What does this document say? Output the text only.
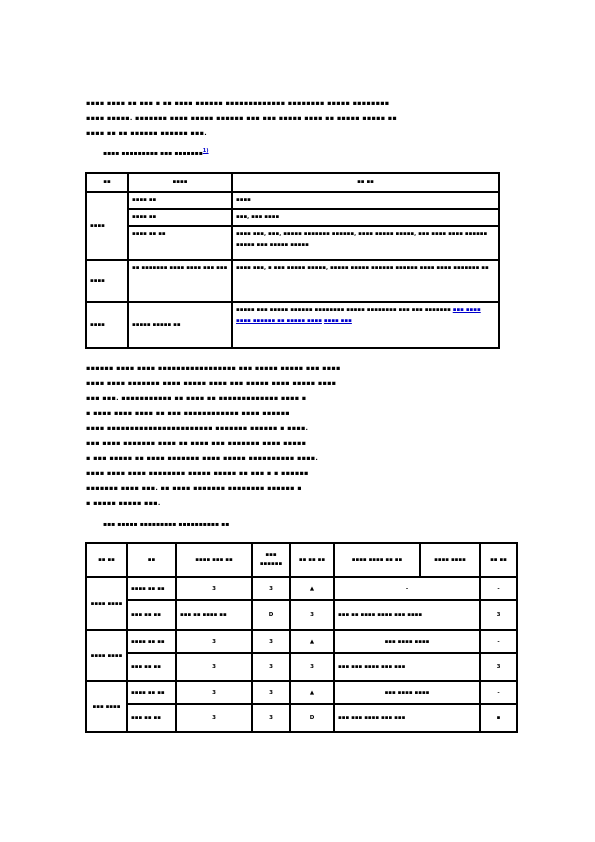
▪▪▪▪ ▪▪▪▪ ▪▪ ▪▪▪ ▪ ▪▪ ▪▪▪▪ ▪▪▪▪▪▪ ▪▪▪▪▪▪▪▪▪▪▪▪▪ ▪▪▪▪▪▪▪▪ ▪▪▪▪▪ ▪▪▪▪▪▪▪▪
▪▪▪▪ ▪▪▪▪▪. ▪▪▪▪▪▪▪ ▪▪▪▪ ▪▪▪▪▪ ▪▪▪▪▪▪ ▪▪▪ ▪▪▪ ▪▪▪▪▪ ▪▪▪▪ ▪▪ ▪▪▪▪▪ ▪▪▪▪▪ ▪▪
▪▪▪▪ ▪▪ ▪▪ ▪▪▪▪▪▪ ▪▪▪▪▪▪ ▪▪▪.
▪▪▪▪ ▪▪▪▪▪▪▪▪▪ ▪▪▪ ▪▪▪▪▪▪▪$^{1)}$
▪▪	▪▪▪▪	▪▪ ▪▪
▪▪▪▪	▪▪▪▪ ▪▪	▪▪▪▪
	▪▪▪▪ ▪▪	▪▪▪, ▪▪▪ ▪▪▪▪
	▪▪▪▪ ▪▪ ▪▪	▪▪▪▪ ▪▪▪, ▪▪▪, ▪▪▪▪▪ ▪▪▪▪▪▪▪ ▪▪▪▪▪▪, ▪▪▪▪ ▪▪▪▪▪ ▪▪▪▪▪, ▪▪▪ ▪▪▪▪ ▪▪▪▪ ▪▪▪▪▪▪ ▪▪▪▪▪ ▪▪▪ ▪▪▪▪▪ ▪▪▪▪▪
▪▪▪▪	▪▪ ▪▪▪▪▪▪▪ ▪▪▪▪ ▪▪▪▪ ▪▪▪ ▪▪▪	▪▪▪▪ ▪▪▪, ▪ ▪▪▪ ▪▪▪▪▪ ▪▪▪▪▪, ▪▪▪▪▪ ▪▪▪▪▪ ▪▪▪▪▪▪ ▪▪▪▪▪▪ ▪▪▪▪ ▪▪▪▪ ▪▪▪▪▪▪▪ ▪▪
▪▪▪▪	▪▪▪▪▪ ▪▪▪▪▪ ▪▪	▪▪▪▪▪ ▪▪▪ ▪▪▪▪▪ ▪▪▪▪▪▪ ▪▪▪▪▪▪▪▪ ▪▪▪▪▪ ▪▪▪▪▪▪▪▪ ▪▪▪ ▪▪▪ ▪▪▪▪▪▪▪ ▪▪▪ ▪▪▪▪ ▪▪▪▪ ▪▪▪▪▪▪ ▪▪ ▪▪▪▪▪ ▪▪▪▪ ▪▪▪▪ ▪▪▪
▪▪▪▪▪▪ ▪▪▪▪ ▪▪▪▪ ▪▪▪▪▪▪▪▪▪▪▪▪▪▪▪▪▪ ▪▪▪ ▪▪▪▪▪ ▪▪▪▪▪ ▪▪▪ ▪▪▪▪
▪▪▪▪ ▪▪▪▪ ▪▪▪▪▪▪▪ ▪▪▪▪ ▪▪▪▪▪ ▪▪▪▪ ▪▪▪ ▪▪▪▪▪ ▪▪▪▪ ▪▪▪▪▪ ▪▪▪▪
▪▪▪ ▪▪▪. ▪▪▪▪▪▪▪▪▪▪▪ ▪▪ ▪▪▪▪ ▪▪ ▪▪▪▪▪▪▪▪▪▪▪▪▪ ▪▪▪▪ ▪
▪ ▪▪▪▪ ▪▪▪▪ ▪▪▪▪ ▪▪ ▪▪▪ ▪▪▪▪▪▪▪▪▪▪▪▪ ▪▪▪▪ ▪▪▪▪▪▪
▪▪▪▪ ▪▪▪▪▪▪▪▪▪▪▪▪▪▪▪▪▪▪▪▪▪▪▪ ▪▪▪▪▪▪▪ ▪▪▪▪▪▪ ▪ ▪▪▪▪.
▪▪▪ ▪▪▪▪ ▪▪▪▪▪▪▪ ▪▪▪▪ ▪▪ ▪▪▪▪ ▪▪▪ ▪▪▪▪▪▪▪ ▪▪▪▪ ▪▪▪▪▪
▪ ▪▪▪ ▪▪▪▪▪ ▪▪ ▪▪▪▪ ▪▪▪▪▪▪▪ ▪▪▪▪ ▪▪▪▪▪ ▪▪▪▪▪▪▪▪▪▪ ▪▪▪▪.
▪▪▪▪ ▪▪▪▪ ▪▪▪▪ ▪▪▪▪▪▪▪▪ ▪▪▪▪▪ ▪▪▪▪▪ ▪▪ ▪▪▪ ▪ ▪ ▪▪▪▪▪▪
▪▪▪▪▪▪▪ ▪▪▪▪ ▪▪▪. ▪▪ ▪▪▪▪ ▪▪▪▪▪▪▪ ▪▪▪▪▪▪▪▪ ▪▪▪▪▪▪ ▪
▪ ▪▪▪▪▪ ▪▪▪▪▪ ▪▪▪.
▪▪▪ ▪▪▪▪▪ ▪▪▪▪▪▪▪▪▪ ▪▪▪▪▪▪▪▪▪▪ ▪▪
▪▪ ▪▪	▪▪	▪▪▪▪ ▪▪▪ ▪▪	▪▪▪ ▪▪▪▪▪▪	▪▪ ▪▪ ▪▪	▪▪▪▪ ▪▪▪▪ ▪▪ ▪▪	▪▪▪▪ ▪▪▪▪	▪▪ ▪▪
▪▪▪▪ ▪▪▪▪	▪▪▪▪ ▪▪ ▪▪	3	3	▲	-		-
	▪▪▪ ▪▪ ▪▪	▪▪▪ ▪▪ ▪▪▪▪ ▪▪	D	3	▪▪▪ ▪▪ ▪▪▪▪ ▪▪▪▪ ▪▪▪ ▪▪▪▪		3
▪▪▪▪ ▪▪▪▪	▪▪▪▪ ▪▪ ▪▪	3	3	▲	▪▪▪ ▪▪▪▪ ▪▪▪▪		-
	▪▪▪ ▪▪ ▪▪	3	3	3	▪▪▪ ▪▪▪ ▪▪▪▪ ▪▪▪ ▪▪▪		3
▪▪▪ ▪▪▪▪	▪▪▪▪ ▪▪ ▪▪	3	3	▲	▪▪▪ ▪▪▪▪ ▪▪▪▪		-
	▪▪▪ ▪▪ ▪▪	3	3	D	▪▪▪ ▪▪▪ ▪▪▪▪ ▪▪▪ ▪▪▪		▪
